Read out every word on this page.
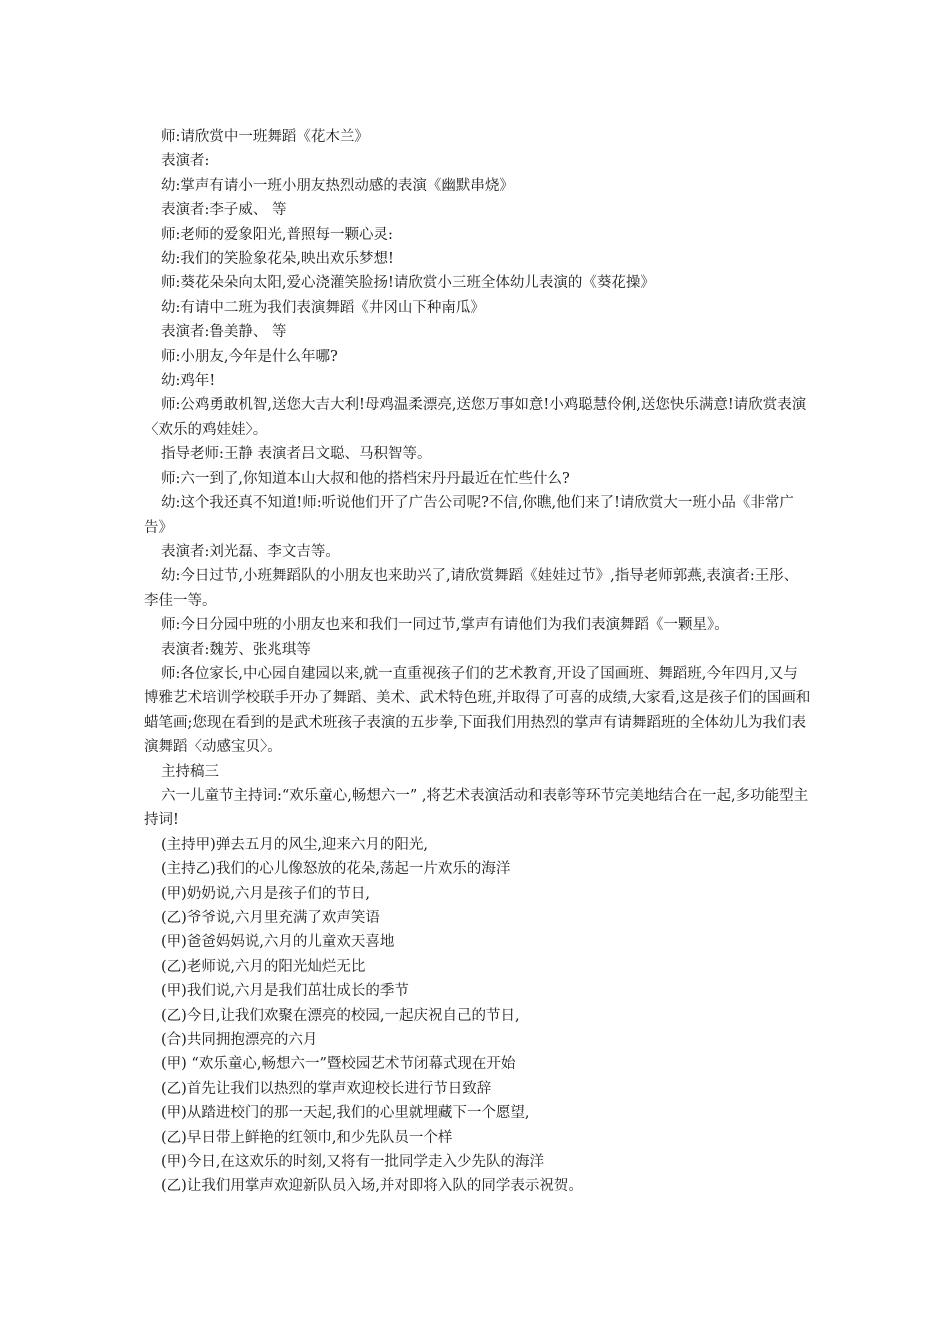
师:请欣赏中一班舞蹈《花木兰》

表演者:

幼:掌声有请小一班小朋友热烈动感的表演《幽默串烧》

表演者:李子威、 等

师:老师的爱象阳光,普照每一颗心灵:

幼:我们的笑脸象花朵,映出欢乐梦想!

师:葵花朵朵向太阳,爱心浇灌笑脸扬!请欣赏小三班全体幼儿表演的《葵花操》

幼:有请中二班为我们表演舞蹈《井冈山下种南瓜》

表演者:鲁美静、 等

师:小朋友,今年是什么年哪?

幼:鸡年!

师:公鸡勇敢机智,送您大吉大利!母鸡温柔漂亮,送您万事如意!小鸡聪慧伶俐,送您快乐满意!请欣赏表演〈欢乐的鸡娃娃〉。

指导老师:王静 表演者吕文聪、马积智等。

师:六一到了,你知道本山大叔和他的搭档宋丹丹最近在忙些什么?

幼:这个我还真不知道!师:听说他们开了广告公司呢?不信,你瞧,他们来了!请欣赏大一班小品《非常广告》

表演者:刘光磊、李文吉等。

幼:今日过节,小班舞蹈队的小朋友也来助兴了,请欣赏舞蹈《娃娃过节》,指导老师郭燕,表演者:王彤、李佳一等。

师:今日分园中班的小朋友也来和我们一同过节,掌声有请他们为我们表演舞蹈《一颗星》。

表演者:魏芳、张兆琪等

师:各位家长,中心园自建园以来,就一直重视孩子们的艺术教育,开设了国画班、舞蹈班,今年四月,又与博雅艺术培训学校联手开办了舞蹈、美术、武术特色班,并取得了可喜的成绩,大家看,这是孩子们的国画和蜡笔画;您现在看到的是武术班孩子表演的五步拳,下面我们用热烈的掌声有请舞蹈班的全体幼儿为我们表演舞蹈〈动感宝贝〉。

主持稿三

六一儿童节主持词:“欢乐童心,畅想六一” ,将艺术表演活动和表彰等环节完美地结合在一起,多功能型主持词!

(主持甲)弹去五月的风尘,迎来六月的阳光,

(主持乙)我们的心儿像怒放的花朵,荡起一片欢乐的海洋

(甲)奶奶说,六月是孩子们的节日,

(乙)爷爷说,六月里充满了欢声笑语

(甲)爸爸妈妈说,六月的儿童欢天喜地

(乙)老师说,六月的阳光灿烂无比

(甲)我们说,六月是我们茁壮成长的季节

(乙)今日,让我们欢聚在漂亮的校园,一起庆祝自己的节日,

(合)共同拥抱漂亮的六月

(甲) “欢乐童心,畅想六一”暨校园艺术节闭幕式现在开始

(乙)首先让我们以热烈的掌声欢迎校长进行节日致辞

(甲)从踏进校门的那一天起,我们的心里就埋藏下一个愿望,

(乙)早日带上鲜艳的红领巾,和少先队员一个样

(甲)今日,在这欢乐的时刻,又将有一批同学走入少先队的海洋

(乙)让我们用掌声欢迎新队员入场,并对即将入队的同学表示祝贺。
